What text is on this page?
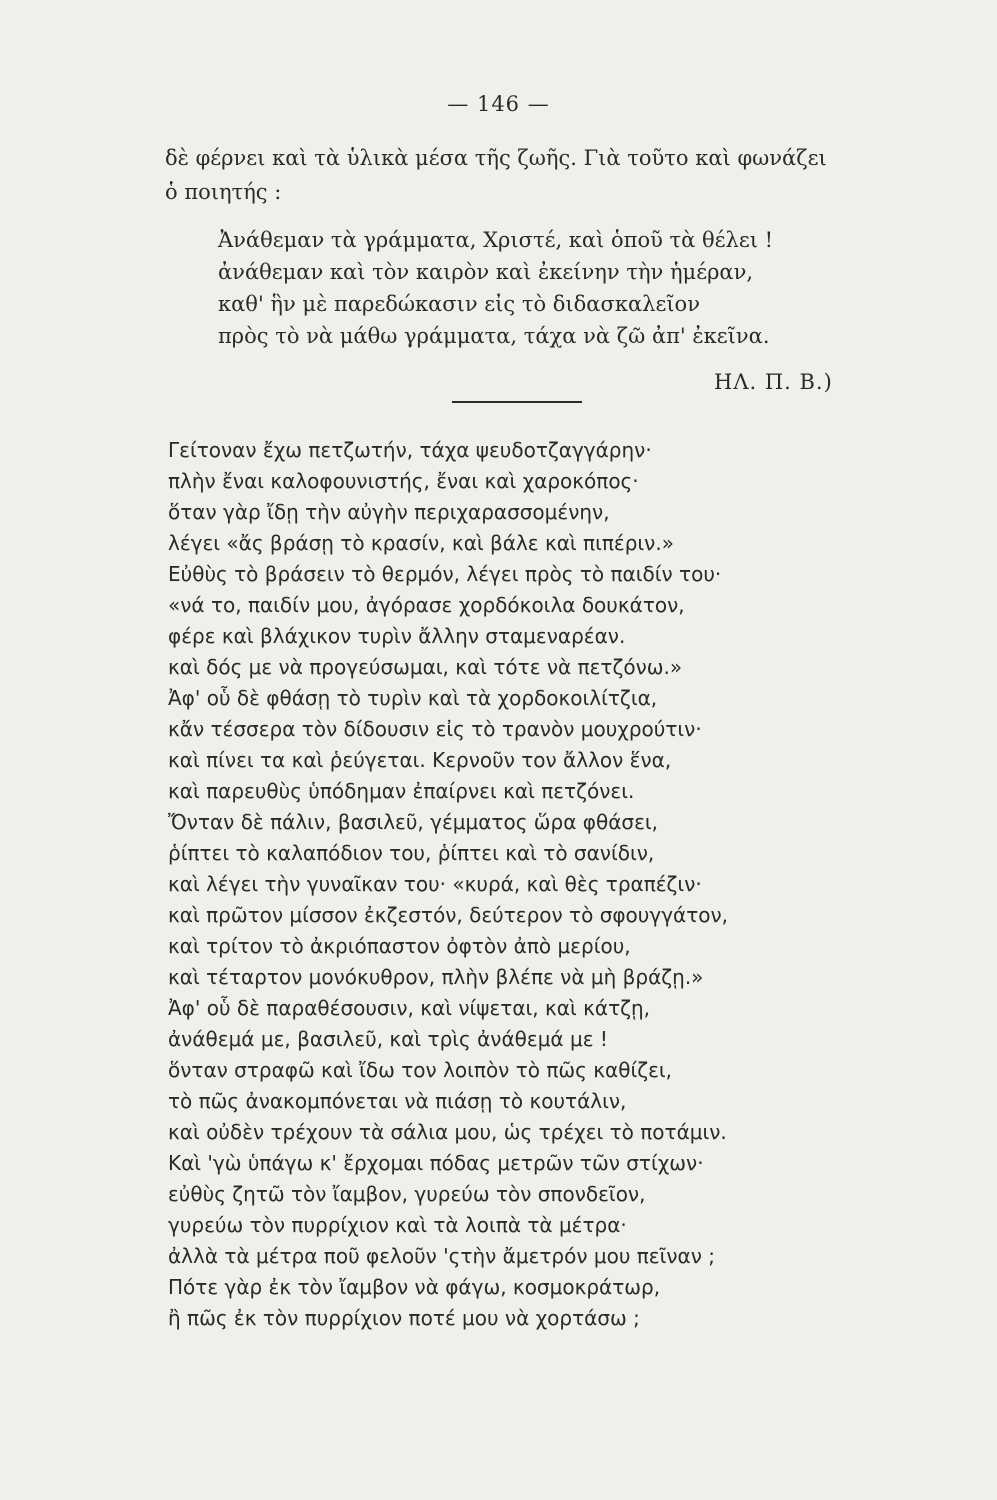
— 146 —
δὲ φέρνει καὶ τὰ ὑλικὰ μέσα τῆς ζωῆς. Γιὰ τοῦτο καὶ φωνάζει
ὁ ποιητής :
Ἀνάθεμαν τὰ γράμματα, Χριστέ, καὶ ὁποῦ τὰ θέλει !
ἀνάθεμαν καὶ τὸν καιρὸν καὶ ἐκείνην τὴν ἡμέραν,
καθ' ἣν μὲ παρεδώκασιν εἰς τὸ διδασκαλεῖον
πρὸς τὸ νὰ μάθω γράμματα, τάχα νὰ ζῶ ἀπ' ἐκεῖνα.
ΗΛ. Π. Β.)
Γείτοναν ἔχω πετζωτήν, τάχα ψευδοτζαγγάρην·
πλὴν ἔναι καλοφουνιστής, ἔναι καὶ χαροκόπος·
ὅταν γὰρ ἴδῃ τὴν αὐγὴν περιχαρασσομένην,
λέγει «ἄς βράσῃ τὸ κρασίν, καὶ βάλε καὶ πιπέριν.»
Εὐθὺς τὸ βράσειν τὸ θερμόν, λέγει πρὸς τὸ παιδίν του·
«νά το, παιδίν μου, ἀγόρασε χορδόκοιλα δουκάτον,
φέρε καὶ βλάχικον τυρὶν ἄλλην σταμεναρέαν.
καὶ δός με νὰ προγεύσωμαι, καὶ τότε νὰ πετζόνω.»
Ἀφ' οὗ δὲ φθάσῃ τὸ τυρὶν καὶ τὰ χορδοκοιλίτζια,
κἄν τέσσερα τὸν δίδουσιν εἰς τὸ τρανὸν μουχρούτιν·
καὶ πίνει τα καὶ ῥεύγεται. Κερνοῦν τον ἄλλον ἕνα,
καὶ παρευθὺς ὑπόδημαν ἐπαίρνει καὶ πετζόνει.
Ὄνταν δὲ πάλιν, βασιλεῦ, γέμματος ὥρα φθάσει,
ῥίπτει τὸ καλαπόδιον του, ῥίπτει καὶ τὸ σανίδιν,
καὶ λέγει τὴν γυναῖκαν του· «κυρά, καὶ θὲς τραπέζιν·
καὶ πρῶτον μίσσον ἐκζεστόν, δεύτερον τὸ σφουγγάτον,
καὶ τρίτον τὸ ἀκριόπαστον ὀφτὸν ἀπὸ μερίου,
καὶ τέταρτον μονόκυθρον, πλὴν βλέπε νὰ μὴ βράζῃ.»
Ἀφ' οὗ δὲ παραθέσουσιν, καὶ νίψεται, καὶ κάτζῃ,
ἀνάθεμά με, βασιλεῦ, καὶ τρὶς ἀνάθεμά με !
ὅνταν στραφῶ καὶ ἴδω τον λοιπὸν τὸ πῶς καθίζει,
τὸ πῶς ἀνακομπόνεται νὰ πιάσῃ τὸ κουτάλιν,
καὶ οὐδὲν τρέχουν τὰ σάλια μου, ὡς τρέχει τὸ ποτάμιν.
Καὶ 'γὼ ὑπάγω κ' ἔρχομαι πόδας μετρῶν τῶν στίχων·
εὐθὺς ζητῶ τὸν ἴαμβον, γυρεύω τὸν σπονδεῖον,
γυρεύω τὸν πυρρίχιον καὶ τὰ λοιπὰ τὰ μέτρα·
ἀλλὰ τὰ μέτρα ποῦ φελοῦν 'ςτὴν ἄμετρόν μου πεῖναν ;
Πότε γὰρ ἐκ τὸν ἴαμβον νὰ φάγω, κοσμοκράτωρ,
ἢ πῶς ἐκ τὸν πυρρίχιον ποτέ μου νὰ χορτάσω ;
